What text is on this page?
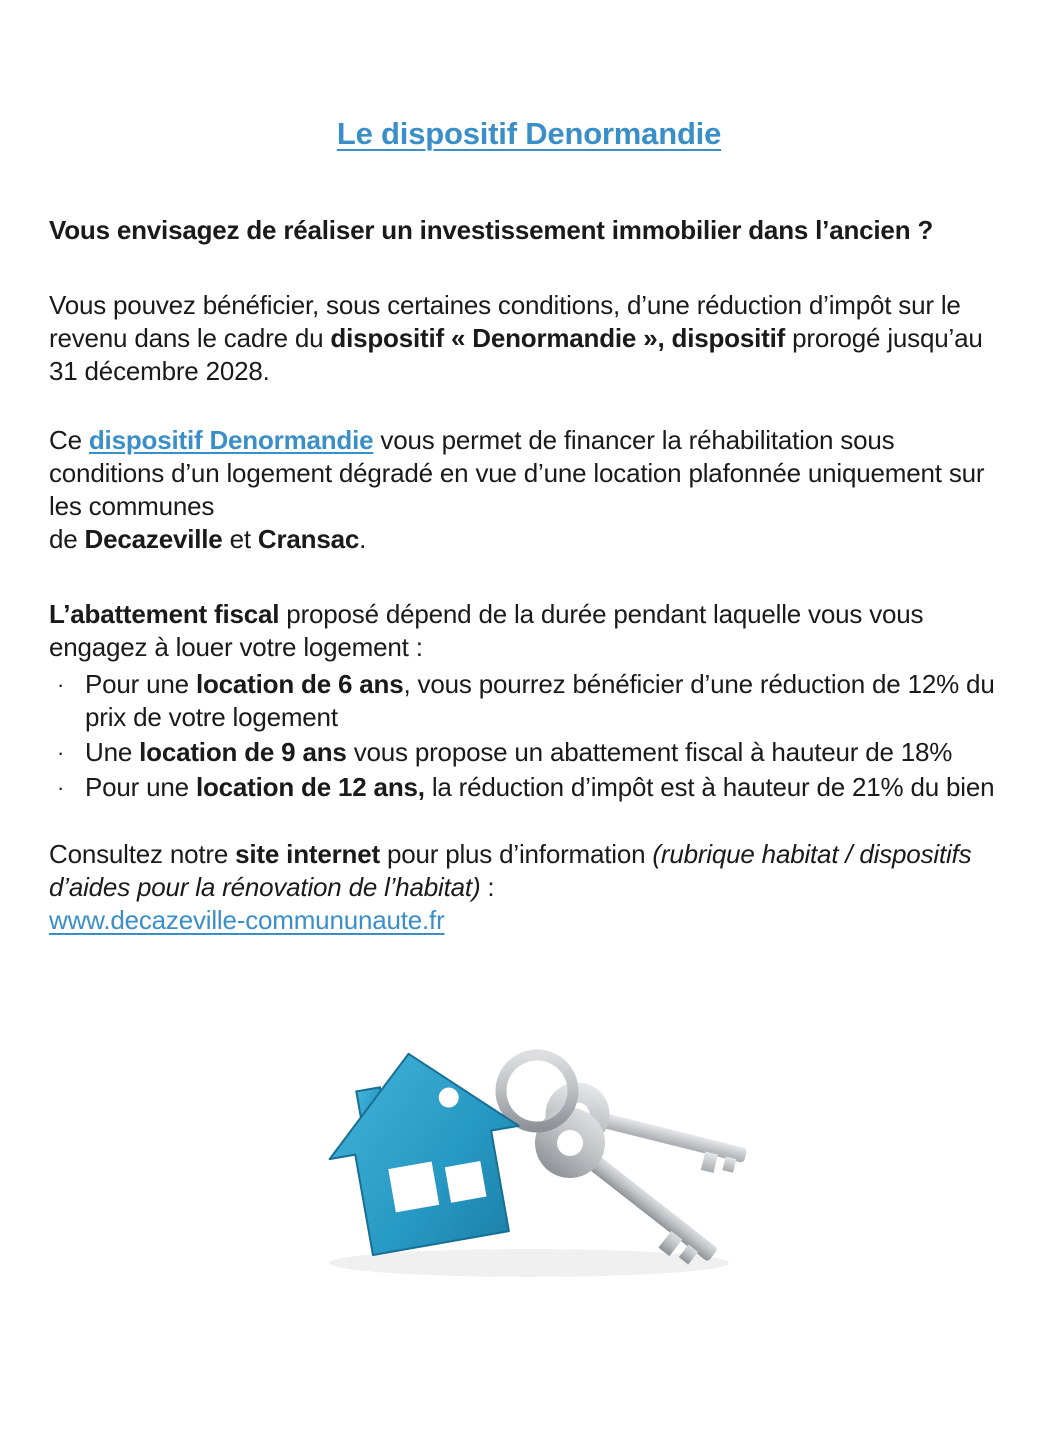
Le dispositif Denormandie

Vous envisagez de réaliser un investissement immobilier dans l’ancien ?

Vous pouvez bénéficier, sous certaines conditions, d’une réduction d’impôt sur le revenu dans le cadre du dispositif « Denormandie », dispositif prorogé jusqu’au 31 décembre 2028.

Ce dispositif Denormandie vous permet de financer la réhabilitation sous conditions d’un logement dégradé en vue d’une location plafonnée uniquement sur les communes
de Decazeville et Cransac.

L’abattement fiscal proposé dépend de la durée pendant laquelle vous vous engagez à louer votre logement :

· Pour une location de 6 ans, vous pourrez bénéficier d’une réduction de 12% du prix de votre logement
· Une location de 9 ans vous propose un abattement fiscal à hauteur de 18%
· Pour une location de 12 ans, la réduction d’impôt est à hauteur de 21% du bien

Consultez notre site internet pour plus d’information (rubrique habitat / dispositifs d’aides pour la rénovation de l’habitat) :
www.decazeville-commununaute.fr
